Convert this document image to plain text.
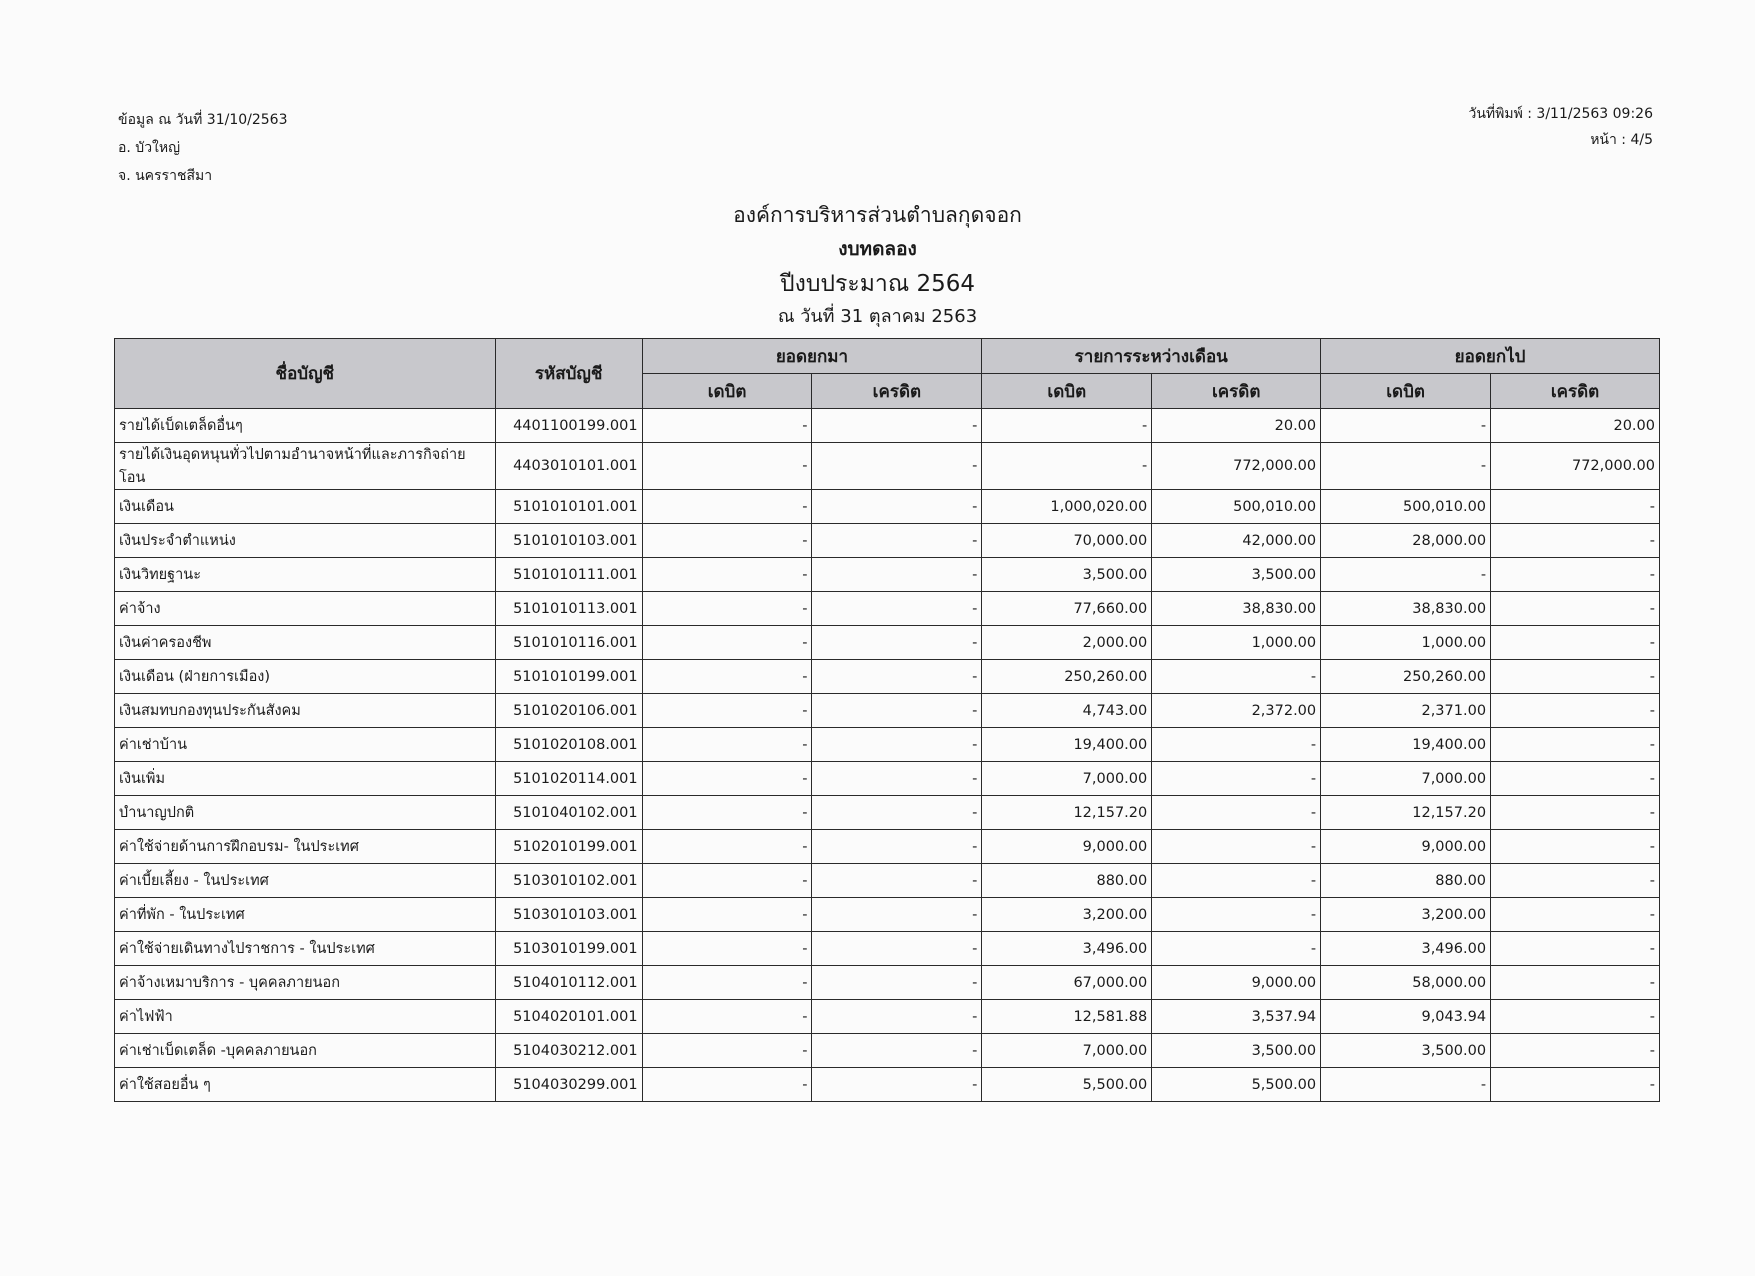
ข้อมูล ณ วันที่ 31/10/2563
อ. บัวใหญ่
จ. นครราชสีมา
วันที่พิมพ์ : 3/11/2563 09:26
หน้า : 4/5
องค์การบริหารส่วนตำบลกุดจอก
งบทดลอง
ปีงบประมาณ 2564
ณ วันที่ 31 ตุลาคม 2563
ชื่อบัญชี	รหัสบัญชี	ยอดยกมา		รายการระหว่างเดือน		ยอดยกไป	
		เดบิต	เครดิต	เดบิต	เครดิต	เดบิต	เครดิต
รายได้เบ็ดเตล็ดอื่นๆ	4401100199.001	-	-	-	20.00	-	20.00
รายได้เงินอุดหนุนทั่วไปตามอำนาจหน้าที่และภารกิจถ่ายโอน	4403010101.001	-	-	-	772,000.00	-	772,000.00
เงินเดือน	5101010101.001	-	-	1,000,020.00	500,010.00	500,010.00	-
เงินประจำตำแหน่ง	5101010103.001	-	-	70,000.00	42,000.00	28,000.00	-
เงินวิทยฐานะ	5101010111.001	-	-	3,500.00	3,500.00	-	-
ค่าจ้าง	5101010113.001	-	-	77,660.00	38,830.00	38,830.00	-
เงินค่าครองชีพ	5101010116.001	-	-	2,000.00	1,000.00	1,000.00	-
เงินเดือน (ฝ่ายการเมือง)	5101010199.001	-	-	250,260.00	-	250,260.00	-
เงินสมทบกองทุนประกันสังคม	5101020106.001	-	-	4,743.00	2,372.00	2,371.00	-
ค่าเช่าบ้าน	5101020108.001	-	-	19,400.00	-	19,400.00	-
เงินเพิ่ม	5101020114.001	-	-	7,000.00	-	7,000.00	-
บำนาญปกติ	5101040102.001	-	-	12,157.20	-	12,157.20	-
ค่าใช้จ่ายด้านการฝึกอบรม- ในประเทศ	5102010199.001	-	-	9,000.00	-	9,000.00	-
ค่าเบี้ยเลี้ยง - ในประเทศ	5103010102.001	-	-	880.00	-	880.00	-
ค่าที่พัก - ในประเทศ	5103010103.001	-	-	3,200.00	-	3,200.00	-
ค่าใช้จ่ายเดินทางไปราชการ - ในประเทศ	5103010199.001	-	-	3,496.00	-	3,496.00	-
ค่าจ้างเหมาบริการ - บุคคลภายนอก	5104010112.001	-	-	67,000.00	9,000.00	58,000.00	-
ค่าไฟฟ้า	5104020101.001	-	-	12,581.88	3,537.94	9,043.94	-
ค่าเช่าเบ็ดเตล็ด -บุคคลภายนอก	5104030212.001	-	-	7,000.00	3,500.00	3,500.00	-
ค่าใช้สอยอื่น ๆ	5104030299.001	-	-	5,500.00	5,500.00	-	-
